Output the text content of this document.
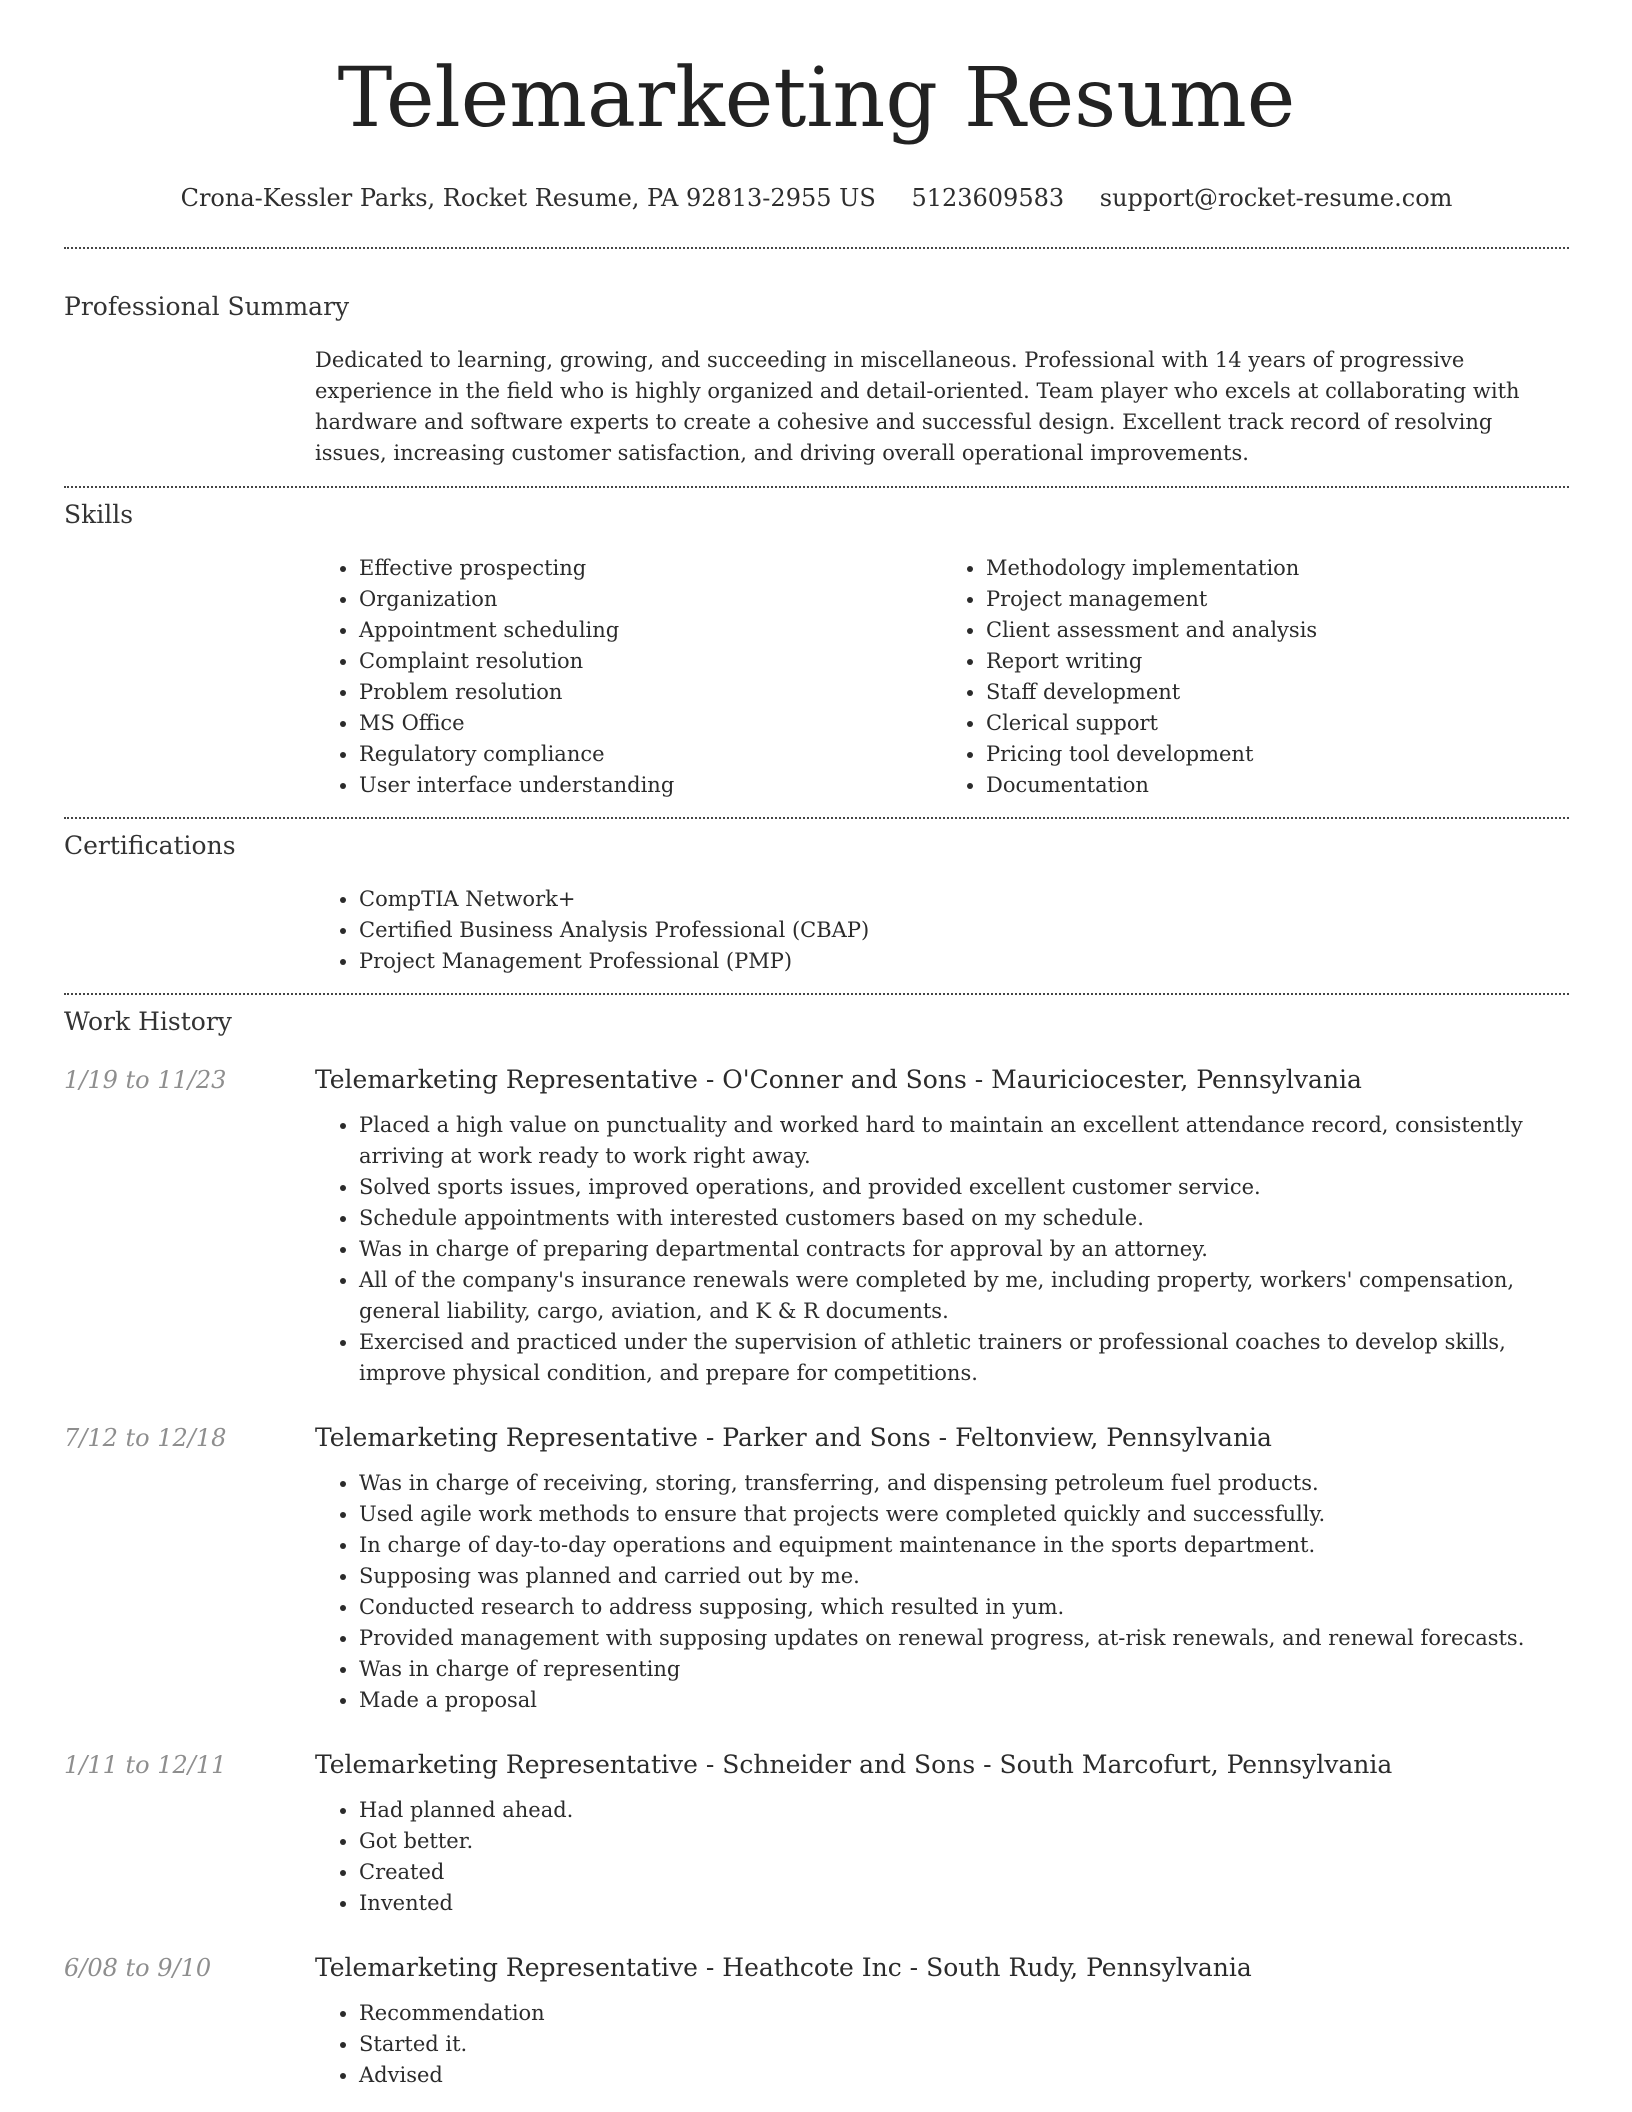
Telemarketing Resume
Crona-Kessler Parks, Rocket Resume, PA 92813-2955 US 5123609583 support@rocket-resume.com
Professional Summary

Dedicated to learning, growing, and succeeding in miscellaneous. Professional with 14 years of progressive experience in the field who is highly organized and detail-oriented. Team player who excels at collaborating with hardware and software experts to create a cohesive and successful design. Excellent track record of resolving issues, increasing customer satisfaction, and driving overall operational improvements.

Skills
• Effective prospecting
• Organization
• Appointment scheduling
• Complaint resolution
• Problem resolution
• MS Office
• Regulatory compliance
• User interface understanding
• Methodology implementation
• Project management
• Client assessment and analysis
• Report writing
• Staff development
• Clerical support
• Pricing tool development
• Documentation
Certifications
• CompTIA Network+
• Certified Business Analysis Professional (CBAP)
• Project Management Professional (PMP)
Work History
1/19 to 11/23	Telemarketing Representative - O'Conner and Sons - Mauriciocester, Pennsylvania
• Placed a high value on punctuality and worked hard to maintain an excellent attendance record, consistently arriving at work ready to work right away.
• Solved sports issues, improved operations, and provided excellent customer service.
• Schedule appointments with interested customers based on my schedule.
• Was in charge of preparing departmental contracts for approval by an attorney.
• All of the company's insurance renewals were completed by me, including property, workers' compensation, general liability, cargo, aviation, and K & R documents.
• Exercised and practiced under the supervision of athletic trainers or professional coaches to develop skills, improve physical condition, and prepare for competitions.
7/12 to 12/18	Telemarketing Representative - Parker and Sons - Feltonview, Pennsylvania
• Was in charge of receiving, storing, transferring, and dispensing petroleum fuel products.
• Used agile work methods to ensure that projects were completed quickly and successfully.
• In charge of day-to-day operations and equipment maintenance in the sports department.
• Supposing was planned and carried out by me.
• Conducted research to address supposing, which resulted in yum.
• Provided management with supposing updates on renewal progress, at-risk renewals, and renewal forecasts.
• Was in charge of representing
• Made a proposal
1/11 to 12/11	Telemarketing Representative - Schneider and Sons - South Marcofurt, Pennsylvania
• Had planned ahead.
• Got better.
• Created
• Invented
6/08 to 9/10	Telemarketing Representative - Heathcote Inc - South Rudy, Pennsylvania
• Recommendation
• Started it.
• Advised
